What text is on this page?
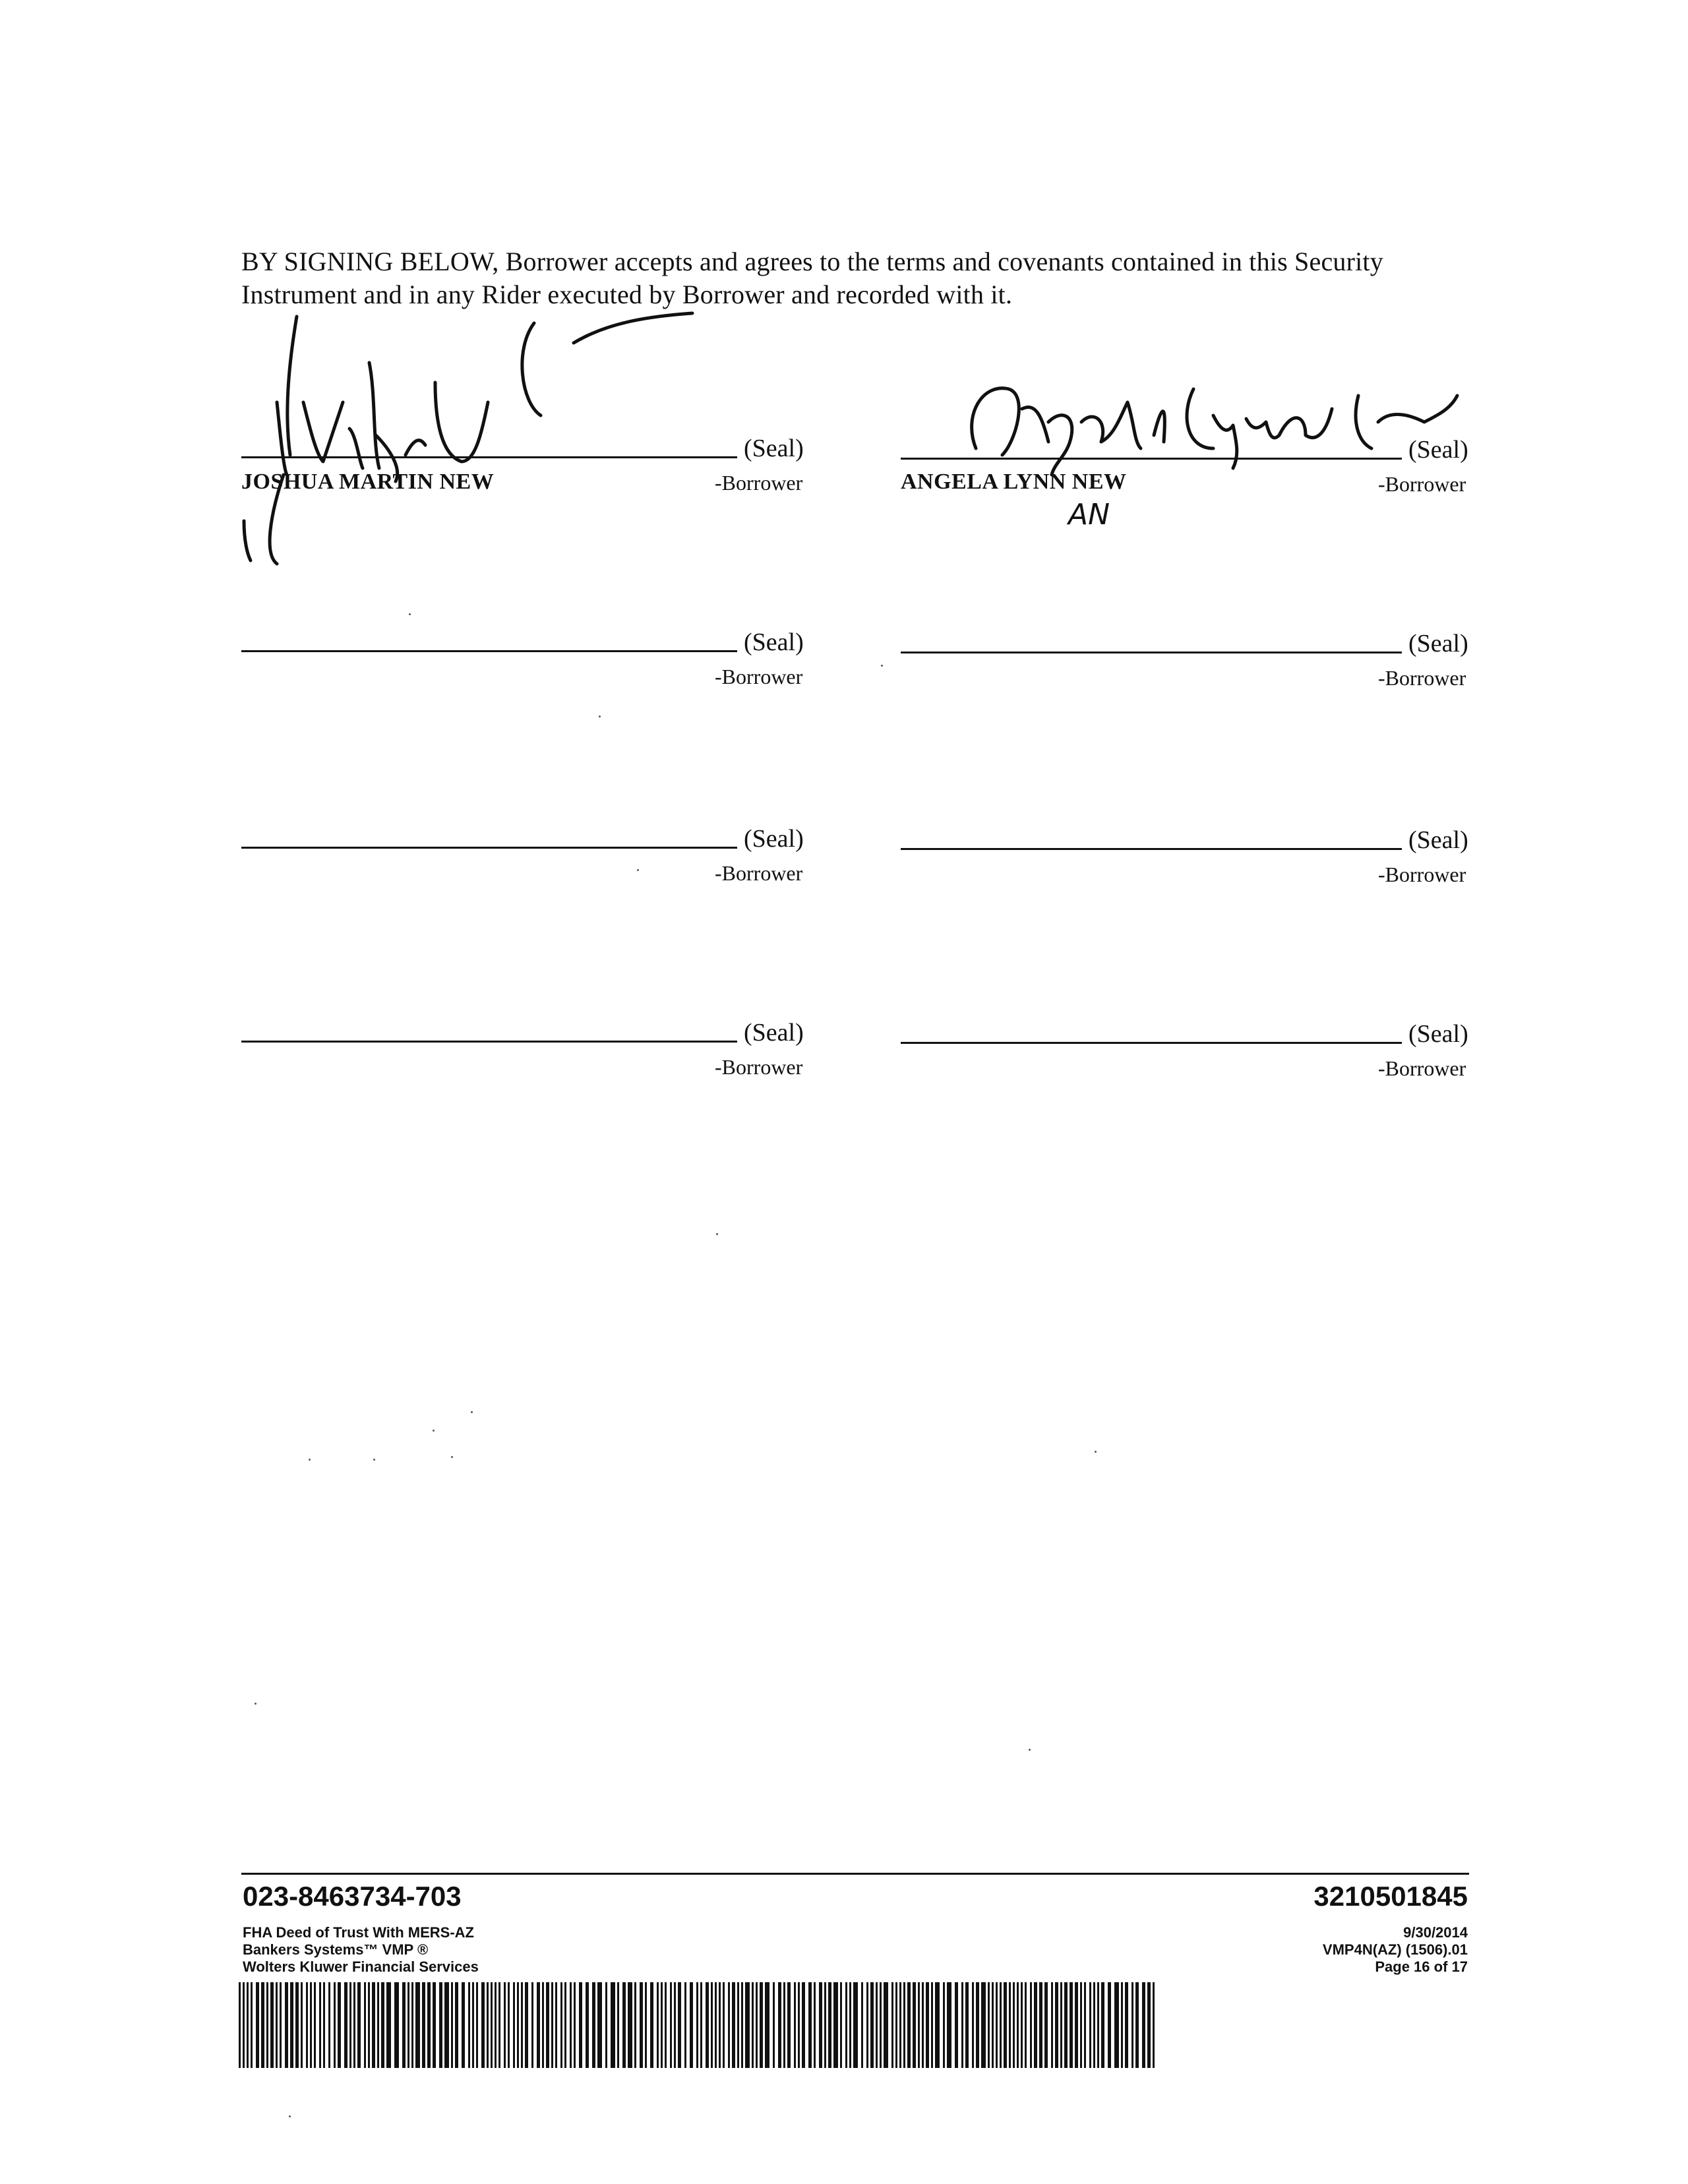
BY SIGNING BELOW, Borrower accepts and agrees to the terms and covenants contained in this Security

Instrument and in any Rider executed by Borrower and recorded with it.

AN
(Seal)
JOSHUA MARTIN NEW	-Borrower
(Seal)
ANGELA LYNN NEW	-Borrower
(Seal)
-Borrower
(Seal)
-Borrower
(Seal)
-Borrower
(Seal)
-Borrower
(Seal)
-Borrower
(Seal)
-Borrower
023-8463734-703	3210501845
FHA Deed of Trust With MERS-AZ
Bankers Systems™ VMP ®
Wolters Kluwer Financial Services
9/30/2014
VMP4N(AZ) (1506).01
Page 16 of 17
